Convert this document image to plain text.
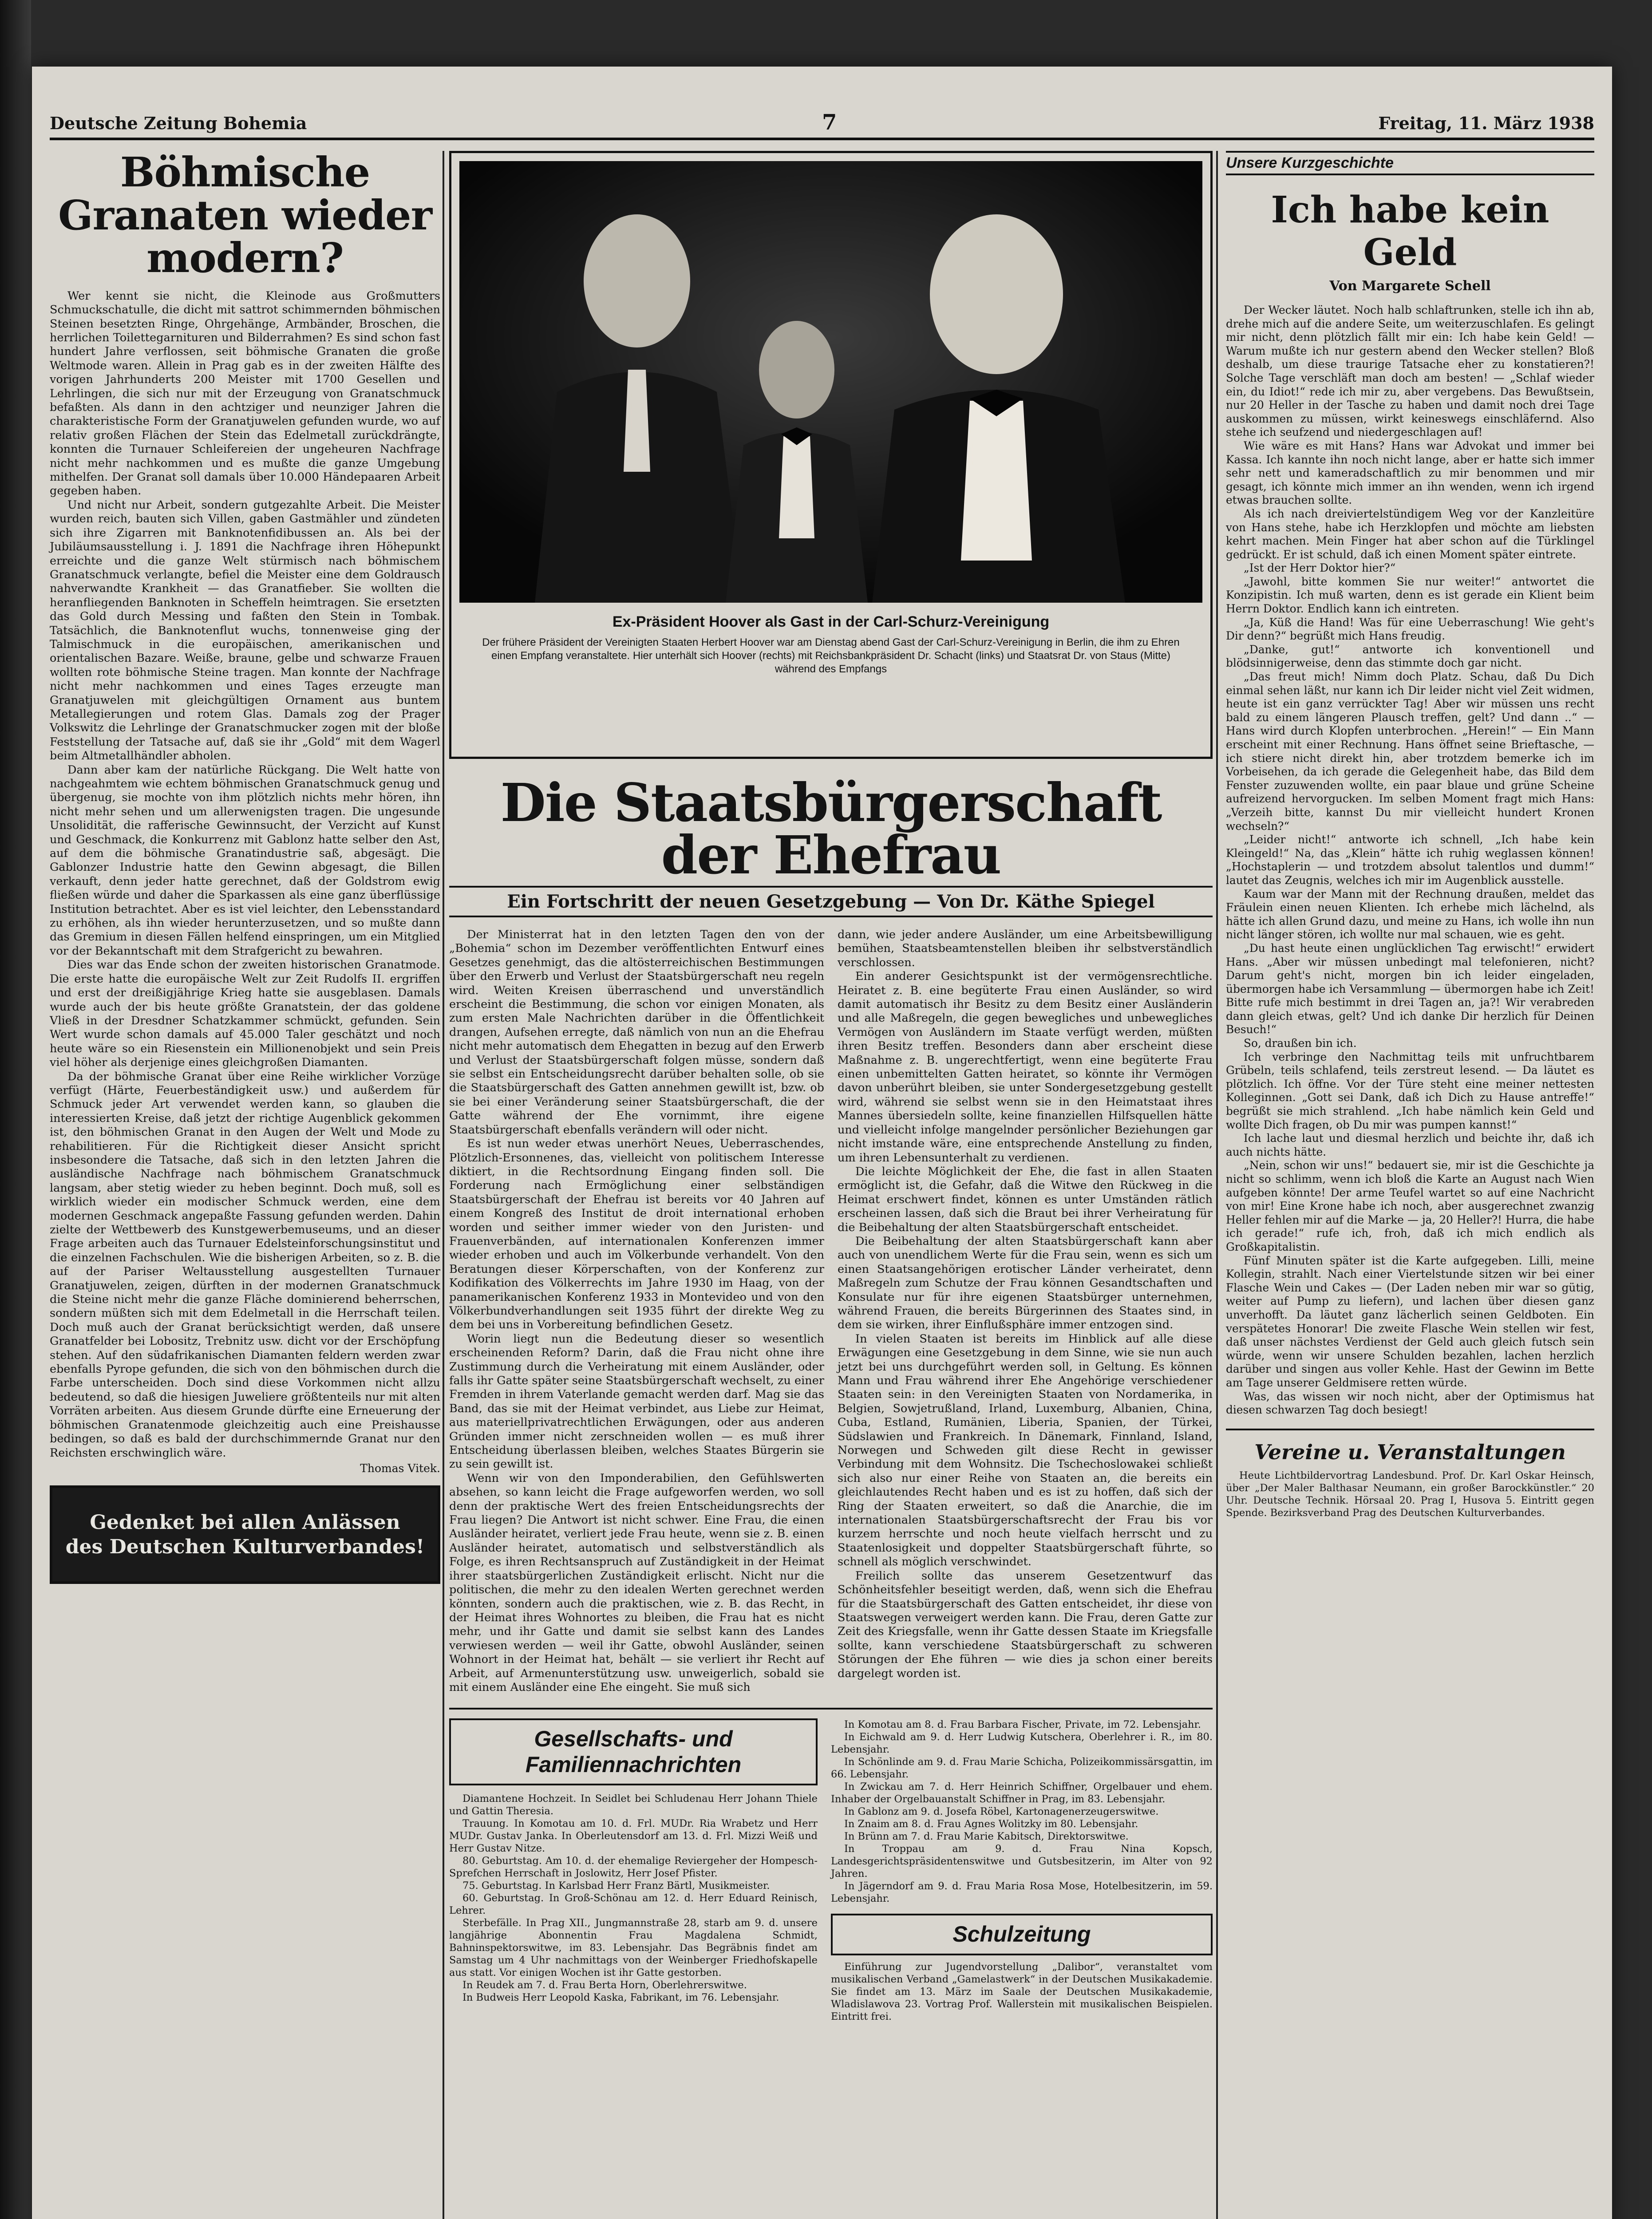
Deutsche Zeitung Bohemia	7	Freitag, 11. März 1938
Böhmische Granaten wieder modern?

Wer kennt sie nicht, die Kleinode aus Großmutters Schmuckschatulle, die dicht mit sattrot schimmernden böhmischen Steinen besetzten Ringe, Ohrgehänge, Armbänder, Broschen, die herrlichen Toilettegarnituren und Bilderrahmen? Es sind schon fast hundert Jahre verflossen, seit böhmische Granaten die große Weltmode waren. Allein in Prag gab es in der zweiten Hälfte des vorigen Jahrhunderts 200 Meister mit 1700 Gesellen und Lehrlingen, die sich nur mit der Erzeugung von Granatschmuck befaßten. Als dann in den achtziger und neunziger Jahren die charakteristische Form der Granatjuwelen gefunden wurde, wo auf relativ großen Flächen der Stein das Edelmetall zurückdrängte, konnten die Turnauer Schleifereien der ungeheuren Nachfrage nicht mehr nachkommen und es mußte die ganze Umgebung mithelfen. Der Granat soll damals über 10.000 Händepaaren Arbeit gegeben haben.

Und nicht nur Arbeit, sondern gutgezahlte Arbeit. Die Meister wurden reich, bauten sich Villen, gaben Gastmähler und zündeten sich ihre Zigarren mit Banknotenfidibussen an. Als bei der Jubiläumsausstellung i. J. 1891 die Nachfrage ihren Höhepunkt erreichte und die ganze Welt stürmisch nach böhmischem Granatschmuck verlangte, befiel die Meister eine dem Goldrausch nahverwandte Krankheit — das Granatfieber. Sie wollten die heranfliegenden Banknoten in Scheffeln heimtragen. Sie ersetzten das Gold durch Messing und faßten den Stein in Tombak. Tatsächlich, die Banknotenflut wuchs, tonnenweise ging der Talmischmuck in die europäischen, amerikanischen und orientalischen Bazare. Weiße, braune, gelbe und schwarze Frauen wollten rote böhmische Steine tragen. Man konnte der Nachfrage nicht mehr nachkommen und eines Tages erzeugte man Granatjuwelen mit gleichgültigen Ornament aus buntem Metallegierungen und rotem Glas. Damals zog der Prager Volkswitz die Lehrlinge der Granatschmucker zogen mit der bloße Feststellung der Tatsache auf, daß sie ihr „Gold“ mit dem Wagerl beim Altmetallhändler abholen.

Dann aber kam der natürliche Rückgang. Die Welt hatte von nachgeahmtem wie echtem böhmischen Granatschmuck genug und übergenug, sie mochte von ihm plötzlich nichts mehr hören, ihn nicht mehr sehen und um allerwenigsten tragen. Die ungesunde Unsolidität, die rafferische Gewinnsucht, der Verzicht auf Kunst und Geschmack, die Konkurrenz mit Gablonz hatte selber den Ast, auf dem die böhmische Granatindustrie saß, abgesägt. Die Gablonzer Industrie hatte den Gewinn abgesagt, die Billen verkauft, denn jeder hatte gerechnet, daß der Goldstrom ewig fließen würde und daher die Sparkassen als eine ganz überflüssige Institution betrachtet. Aber es ist viel leichter, den Lebensstandard zu erhöhen, als ihn wieder herunterzusetzen, und so mußte dann das Gremium in diesen Fällen helfend einspringen, um ein Mitglied vor der Bekanntschaft mit dem Strafgericht zu bewahren.

Dies war das Ende schon der zweiten historischen Granatmode. Die erste hatte die europäische Welt zur Zeit Rudolfs II. ergriffen und erst der dreißigjährige Krieg hatte sie ausgeblasen. Damals wurde auch der bis heute größte Granatstein, der das goldene Vließ in der Dresdner Schatzkammer schmückt, gefunden. Sein Wert wurde schon damals auf 45.000 Taler geschätzt und noch heute wäre so ein Riesenstein ein Millionenobjekt und sein Preis viel höher als derjenige eines gleichgroßen Diamanten.

Da der böhmische Granat über eine Reihe wirklicher Vorzüge verfügt (Härte, Feuerbeständigkeit usw.) und außerdem für Schmuck jeder Art verwendet werden kann, so glauben die interessierten Kreise, daß jetzt der richtige Augenblick gekommen ist, den böhmischen Granat in den Augen der Welt und Mode zu rehabilitieren. Für die Richtigkeit dieser Ansicht spricht insbesondere die Tatsache, daß sich in den letzten Jahren die ausländische Nachfrage nach böhmischem Granatschmuck langsam, aber stetig wieder zu heben beginnt. Doch muß, soll es wirklich wieder ein modischer Schmuck werden, eine dem modernen Geschmack angepaßte Fassung gefunden werden. Dahin zielte der Wettbewerb des Kunstgewerbemuseums, und an dieser Frage arbeiten auch das Turnauer Edelsteinforschungsinstitut und die einzelnen Fachschulen. Wie die bisherigen Arbeiten, so z. B. die auf der Pariser Weltausstellung ausgestellten Turnauer Granatjuwelen, zeigen, dürften in der modernen Granatschmuck die Steine nicht mehr die ganze Fläche dominierend beherrschen, sondern müßten sich mit dem Edelmetall in die Herrschaft teilen. Doch muß auch der Granat berücksichtigt werden, daß unsere Granatfelder bei Lobositz, Trebnitz usw. dicht vor der Erschöpfung stehen. Auf den südafrikanischen Diamanten feldern werden zwar ebenfalls Pyrope gefunden, die sich von den böhmischen durch die Farbe unterscheiden. Doch sind diese Vorkommen nicht allzu bedeutend, so daß die hiesigen Juweliere größtenteils nur mit alten Vorräten arbeiten. Aus diesem Grunde dürfte eine Erneuerung der böhmischen Granatenmode gleichzeitig auch eine Preishausse bedingen, so daß es bald der durchschimmernde Granat nur den Reichsten erschwinglich wäre.

Thomas Vitek.
Gedenket bei allen Anlässen
des Deutschen Kulturverbandes!
Ex-Präsident Hoover als Gast in der Carl-Schurz-Vereinigung
Der frühere Präsident der Vereinigten Staaten Herbert Hoover war am Dienstag abend Gast der Carl-Schurz-Vereinigung in Berlin, die ihm zu Ehren einen Empfang veranstaltete. Hier unterhält sich Hoover (rechts) mit Reichsbankpräsident Dr. Schacht (links) und Staatsrat Dr. von Staus (Mitte) während des Empfangs
Die Staatsbürgerschaft der Ehefrau
Ein Fortschritt der neuen Gesetzgebung — Von Dr. Käthe Spiegel

Der Ministerrat hat in den letzten Tagen den von der „Bohemia“ schon im Dezember veröffentlichten Entwurf eines Gesetzes genehmigt, das die altösterreichischen Bestimmungen über den Erwerb und Verlust der Staatsbürgerschaft neu regeln wird. Weiten Kreisen überraschend und unverständlich erscheint die Bestimmung, die schon vor einigen Monaten, als zum ersten Male Nachrichten darüber in die Öffentlichkeit drangen, Aufsehen erregte, daß nämlich von nun an die Ehefrau nicht mehr automatisch dem Ehegatten in bezug auf den Erwerb und Verlust der Staatsbürgerschaft folgen müsse, sondern daß sie selbst ein Entscheidungsrecht darüber behalten solle, ob sie die Staatsbürgerschaft des Gatten annehmen gewillt ist, bzw. ob sie bei einer Veränderung seiner Staatsbürgerschaft, die der Gatte während der Ehe vornimmt, ihre eigene Staatsbürgerschaft ebenfalls verändern will oder nicht.

Es ist nun weder etwas unerhört Neues, Ueberraschendes, Plötzlich-Ersonnenes, das, vielleicht von politischem Interesse diktiert, in die Rechtsordnung Eingang finden soll. Die Forderung nach Ermöglichung einer selbständigen Staatsbürgerschaft der Ehefrau ist bereits vor 40 Jahren auf einem Kongreß des Institut de droit international erhoben worden und seither immer wieder von den Juristen- und Frauenverbänden, auf internationalen Konferenzen immer wieder erhoben und auch im Völkerbunde verhandelt. Von den Beratungen dieser Körperschaften, von der Konferenz zur Kodifikation des Völkerrechts im Jahre 1930 im Haag, von der panamerikanischen Konferenz 1933 in Montevideo und von den Völkerbundverhandlungen seit 1935 führt der direkte Weg zu dem bei uns in Vorbereitung befindlichen Gesetz.

Worin liegt nun die Bedeutung dieser so wesentlich erscheinenden Reform? Darin, daß die Frau nicht ohne ihre Zustimmung durch die Verheiratung mit einem Ausländer, oder falls ihr Gatte später seine Staatsbürgerschaft wechselt, zu einer Fremden in ihrem Vaterlande gemacht werden darf. Mag sie das Band, das sie mit der Heimat verbindet, aus Liebe zur Heimat, aus materiellprivatrechtlichen Erwägungen, oder aus anderen Gründen immer nicht zerschneiden wollen — es muß ihrer Entscheidung überlassen bleiben, welches Staates Bürgerin sie zu sein gewillt ist.

Wenn wir von den Imponderabilien, den Gefühlswerten absehen, so kann leicht die Frage aufgeworfen werden, wo soll denn der praktische Wert des freien Entscheidungsrechts der Frau liegen? Die Antwort ist nicht schwer. Eine Frau, die einen Ausländer heiratet, verliert jede Frau heute, wenn sie z. B. einen Ausländer heiratet, automatisch und selbstverständlich als Folge, es ihren Rechtsanspruch auf Zuständigkeit in der Heimat ihrer staatsbürgerlichen Zuständigkeit erlischt. Nicht nur die politischen, die mehr zu den idealen Werten gerechnet werden könnten, sondern auch die praktischen, wie z. B. das Recht, in der Heimat ihres Wohnortes zu bleiben, die Frau hat es nicht mehr, und ihr Gatte und damit sie selbst kann des Landes verwiesen werden — weil ihr Gatte, obwohl Ausländer, seinen Wohnort in der Heimat hat, behält — sie verliert ihr Recht auf Arbeit, auf Armenunterstützung usw. unweigerlich, sobald sie mit einem Ausländer eine Ehe eingeht. Sie muß sich

dann, wie jeder andere Ausländer, um eine Arbeitsbewilligung bemühen, Staatsbeamtenstellen bleiben ihr selbstverständlich verschlossen.

Ein anderer Gesichtspunkt ist der vermögensrechtliche. Heiratet z. B. eine begüterte Frau einen Ausländer, so wird damit automatisch ihr Besitz zu dem Besitz einer Ausländerin und alle Maßregeln, die gegen bewegliches und unbewegliches Vermögen von Ausländern im Staate verfügt werden, müßten ihren Besitz treffen. Besonders dann aber erscheint diese Maßnahme z. B. ungerechtfertigt, wenn eine begüterte Frau einen unbemittelten Gatten heiratet, so könnte ihr Vermögen davon unberührt bleiben, sie unter Sondergesetzgebung gestellt wird, während sie selbst wenn sie in den Heimatstaat ihres Mannes übersiedeln sollte, keine finanziellen Hilfsquellen hätte und vielleicht infolge mangelnder persönlicher Beziehungen gar nicht imstande wäre, eine entsprechende Anstellung zu finden, um ihren Lebensunterhalt zu verdienen.

Die leichte Möglichkeit der Ehe, die fast in allen Staaten ermöglicht ist, die Gefahr, daß die Witwe den Rückweg in die Heimat erschwert findet, können es unter Umständen rätlich erscheinen lassen, daß sich die Braut bei ihrer Verheiratung für die Beibehaltung der alten Staatsbürgerschaft entscheidet.

Die Beibehaltung der alten Staatsbürgerschaft kann aber auch von unendlichem Werte für die Frau sein, wenn es sich um einen Staatsangehörigen erotischer Länder verheiratet, denn Maßregeln zum Schutze der Frau können Gesandtschaften und Konsulate nur für ihre eigenen Staatsbürger unternehmen, während Frauen, die bereits Bürgerinnen des Staates sind, in dem sie wirken, ihrer Einflußsphäre immer entzogen sind.

In vielen Staaten ist bereits im Hinblick auf alle diese Erwägungen eine Gesetzgebung in dem Sinne, wie sie nun auch jetzt bei uns durchgeführt werden soll, in Geltung. Es können Mann und Frau während ihrer Ehe Angehörige verschiedener Staaten sein: in den Vereinigten Staaten von Nordamerika, in Belgien, Sowjetrußland, Irland, Luxemburg, Albanien, China, Cuba, Estland, Rumänien, Liberia, Spanien, der Türkei, Südslawien und Frankreich. In Dänemark, Finnland, Island, Norwegen und Schweden gilt diese Recht in gewisser Verbindung mit dem Wohnsitz. Die Tschechoslowakei schließt sich also nur einer Reihe von Staaten an, die bereits ein gleichlautendes Recht haben und es ist zu hoffen, daß sich der Ring der Staaten erweitert, so daß die Anarchie, die im internationalen Staatsbürgerschaftsrecht der Frau bis vor kurzem herrschte und noch heute vielfach herrscht und zu Staatenlosigkeit und doppelter Staatsbürgerschaft führte, so schnell als möglich verschwindet.

Freilich sollte das unserem Gesetzentwurf das Schönheitsfehler beseitigt werden, daß, wenn sich die Ehefrau für die Staatsbürgerschaft des Gatten entscheidet, ihr diese von Staatswegen verweigert werden kann. Die Frau, deren Gatte zur Zeit des Kriegsfalle, wenn ihr Gatte dessen Staate im Kriegsfalle sollte, kann verschiedene Staatsbürgerschaft zu schweren Störungen der Ehe führen — wie dies ja schon einer bereits dargelegt worden ist.

Gesellschafts- und Familiennachrichten

Diamantene Hochzeit. In Seidlet bei Schludenau Herr Johann Thiele und Gattin Theresia.

Trauung. In Komotau am 10. d. Frl. MUDr. Ria Wrabetz und Herr MUDr. Gustav Janka. In Oberleutensdorf am 13. d. Frl. Mizzi Weiß und Herr Gustav Nitze.

80. Geburtstag. Am 10. d. der ehemalige Reviergeher der Hompesch-Sprefchen Herrschaft in Joslowitz, Herr Josef Pfister.

75. Geburtstag. In Karlsbad Herr Franz Bärtl, Musikmeister.

60. Geburtstag. In Groß-Schönau am 12. d. Herr Eduard Reinisch, Lehrer.

Sterbefälle. In Prag XII., Jungmannstraße 28, starb am 9. d. unsere langjährige Abonnentin Frau Magdalena Schmidt, Bahninspektorswitwe, im 83. Lebensjahr. Das Begräbnis findet am Samstag um 4 Uhr nachmittags von der Weinberger Friedhofskapelle aus statt. Vor einigen Wochen ist ihr Gatte gestorben.

In Reudek am 7. d. Frau Berta Horn, Oberlehrerswitwe.

In Budweis Herr Leopold Kaska, Fabrikant, im 76. Lebensjahr.

In Komotau am 8. d. Frau Barbara Fischer, Private, im 72. Lebensjahr.

In Eichwald am 9. d. Herr Ludwig Kutschera, Oberlehrer i. R., im 80. Lebensjahr.

In Schönlinde am 9. d. Frau Marie Schicha, Polizeikommissärsgattin, im 66. Lebensjahr.

In Zwickau am 7. d. Herr Heinrich Schiffner, Orgelbauer und ehem. Inhaber der Orgelbauanstalt Schiffner in Prag, im 83. Lebensjahr.

In Gablonz am 9. d. Josefa Röbel, Kartonagenerzeugerswitwe.

In Znaim am 8. d. Frau Agnes Wolitzky im 80. Lebensjahr.

In Brünn am 7. d. Frau Marie Kabitsch, Direktorswitwe.

In Troppau am 9. d. Frau Nina Kopsch, Landesgerichtspräsidentenswitwe und Gutsbesitzerin, im Alter von 92 Jahren.

In Jägerndorf am 9. d. Frau Maria Rosa Mose, Hotelbesitzerin, im 59. Lebensjahr.

Schulzeitung

Einführung zur Jugendvorstellung „Dalibor“, veranstaltet vom musikalischen Verband „Gamelastwerk“ in der Deutschen Musikakademie. Sie findet am 13. März im Saale der Deutschen Musikakademie, Wladislawova 23. Vortrag Prof. Wallerstein mit musikalischen Beispielen. Eintritt frei.

Unsere Kurzgeschichte
Ich habe kein Geld
Von Margarete Schell

Der Wecker läutet. Noch halb schlaftrunken, stelle ich ihn ab, drehe mich auf die andere Seite, um weiterzuschlafen. Es gelingt mir nicht, denn plötzlich fällt mir ein: Ich habe kein Geld! — Warum mußte ich nur gestern abend den Wecker stellen? Bloß deshalb, um diese traurige Tatsache eher zu konstatieren?! Solche Tage verschläft man doch am besten! — „Schlaf wieder ein, du Idiot!“ rede ich mir zu, aber vergebens. Das Bewußtsein, nur 20 Heller in der Tasche zu haben und damit noch drei Tage auskommen zu müssen, wirkt keineswegs einschläfernd. Also stehe ich seufzend und niedergeschlagen auf!

Wie wäre es mit Hans? Hans war Advokat und immer bei Kassa. Ich kannte ihn noch nicht lange, aber er hatte sich immer sehr nett und kameradschaftlich zu mir benommen und mir gesagt, ich könnte mich immer an ihn wenden, wenn ich irgend etwas brauchen sollte.

Als ich nach dreiviertelstündigem Weg vor der Kanzleitüre von Hans stehe, habe ich Herzklopfen und möchte am liebsten kehrt machen. Mein Finger hat aber schon auf die Türklingel gedrückt. Er ist schuld, daß ich einen Moment später eintrete.

„Ist der Herr Doktor hier?“

„Jawohl, bitte kommen Sie nur weiter!“ antwortet die Konzipistin. Ich muß warten, denn es ist gerade ein Klient beim Herrn Doktor. Endlich kann ich eintreten.

„Ja, Küß die Hand! Was für eine Ueberraschung! Wie geht's Dir denn?“ begrüßt mich Hans freudig.

„Danke, gut!“ antworte ich konventionell und blödsinnigerweise, denn das stimmte doch gar nicht.

„Das freut mich! Nimm doch Platz. Schau, daß Du Dich einmal sehen läßt, nur kann ich Dir leider nicht viel Zeit widmen, heute ist ein ganz verrückter Tag! Aber wir müssen uns recht bald zu einem längeren Plausch treffen, gelt? Und dann ..“ — Hans wird durch Klopfen unterbrochen. „Herein!“ — Ein Mann erscheint mit einer Rechnung. Hans öffnet seine Brieftasche, — ich stiere nicht direkt hin, aber trotzdem bemerke ich im Vorbeisehen, da ich gerade die Gelegenheit habe, das Bild dem Fenster zuzuwenden wollte, ein paar blaue und grüne Scheine aufreizend hervorgucken. Im selben Moment fragt mich Hans: „Verzeih bitte, kannst Du mir vielleicht hundert Kronen wechseln?“

„Leider nicht!“ antworte ich schnell, „Ich habe kein Kleingeld!“ Na, das „Klein“ hätte ich ruhig weglassen können! „Hochstaplerin — und trotzdem absolut talentlos und dumm!“ lautet das Zeugnis, welches ich mir im Augenblick ausstelle.

Kaum war der Mann mit der Rechnung draußen, meldet das Fräulein einen neuen Klienten. Ich erhebe mich lächelnd, als hätte ich allen Grund dazu, und meine zu Hans, ich wolle ihn nun nicht länger stören, ich wollte nur mal schauen, wie es geht.

„Du hast heute einen unglücklichen Tag erwischt!“ erwidert Hans. „Aber wir müssen unbedingt mal telefonieren, nicht? Darum geht's nicht, morgen bin ich leider eingeladen, übermorgen habe ich Versammlung — übermorgen habe ich Zeit! Bitte rufe mich bestimmt in drei Tagen an, ja?! Wir verabreden dann gleich etwas, gelt? Und ich danke Dir herzlich für Deinen Besuch!“

So, draußen bin ich.

Ich verbringe den Nachmittag teils mit unfruchtbarem Grübeln, teils schlafend, teils zerstreut lesend. — Da läutet es plötzlich. Ich öffne. Vor der Türe steht eine meiner nettesten Kolleginnen. „Gott sei Dank, daß ich Dich zu Hause antreffe!“ begrüßt sie mich strahlend. „Ich habe nämlich kein Geld und wollte Dich fragen, ob Du mir was pumpen kannst!“

Ich lache laut und diesmal herzlich und beichte ihr, daß ich auch nichts hätte.

„Nein, schon wir uns!“ bedauert sie, mir ist die Geschichte ja nicht so schlimm, wenn ich bloß die Karte an August nach Wien aufgeben könnte! Der arme Teufel wartet so auf eine Nachricht von mir! Eine Krone habe ich noch, aber ausgerechnet zwanzig Heller fehlen mir auf die Marke — ja, 20 Heller?! Hurra, die habe ich gerade!“ rufe ich, froh, daß ich mich endlich als Großkapitalistin.

Fünf Minuten später ist die Karte aufgegeben. Lilli, meine Kollegin, strahlt. Nach einer Viertelstunde sitzen wir bei einer Flasche Wein und Cakes — (Der Laden neben mir war so gütig, weiter auf Pump zu liefern), und lachen über diesen ganz unverhofft. Da läutet ganz lächerlich seinen Geldboten. Ein verspätetes Honorar! Die zweite Flasche Wein stellen wir fest, daß unser nächstes Verdienst der Geld auch gleich futsch sein würde, wenn wir unsere Schulden bezahlen, lachen herzlich darüber und singen aus voller Kehle. Hast der Gewinn im Bette am Tage unserer Geldmisere retten würde.

Was, das wissen wir noch nicht, aber der Optimismus hat diesen schwarzen Tag doch besiegt!

Vereine u. Veranstaltungen

Heute Lichtbildervortrag Landesbund. Prof. Dr. Karl Oskar Heinsch, über „Der Maler Balthasar Neumann, ein großer Barockkünstler.“ 20 Uhr. Deutsche Technik. Hörsaal 20. Prag I, Husova 5. Eintritt gegen Spende. Bezirksverband Prag des Deutschen Kulturverbandes.
